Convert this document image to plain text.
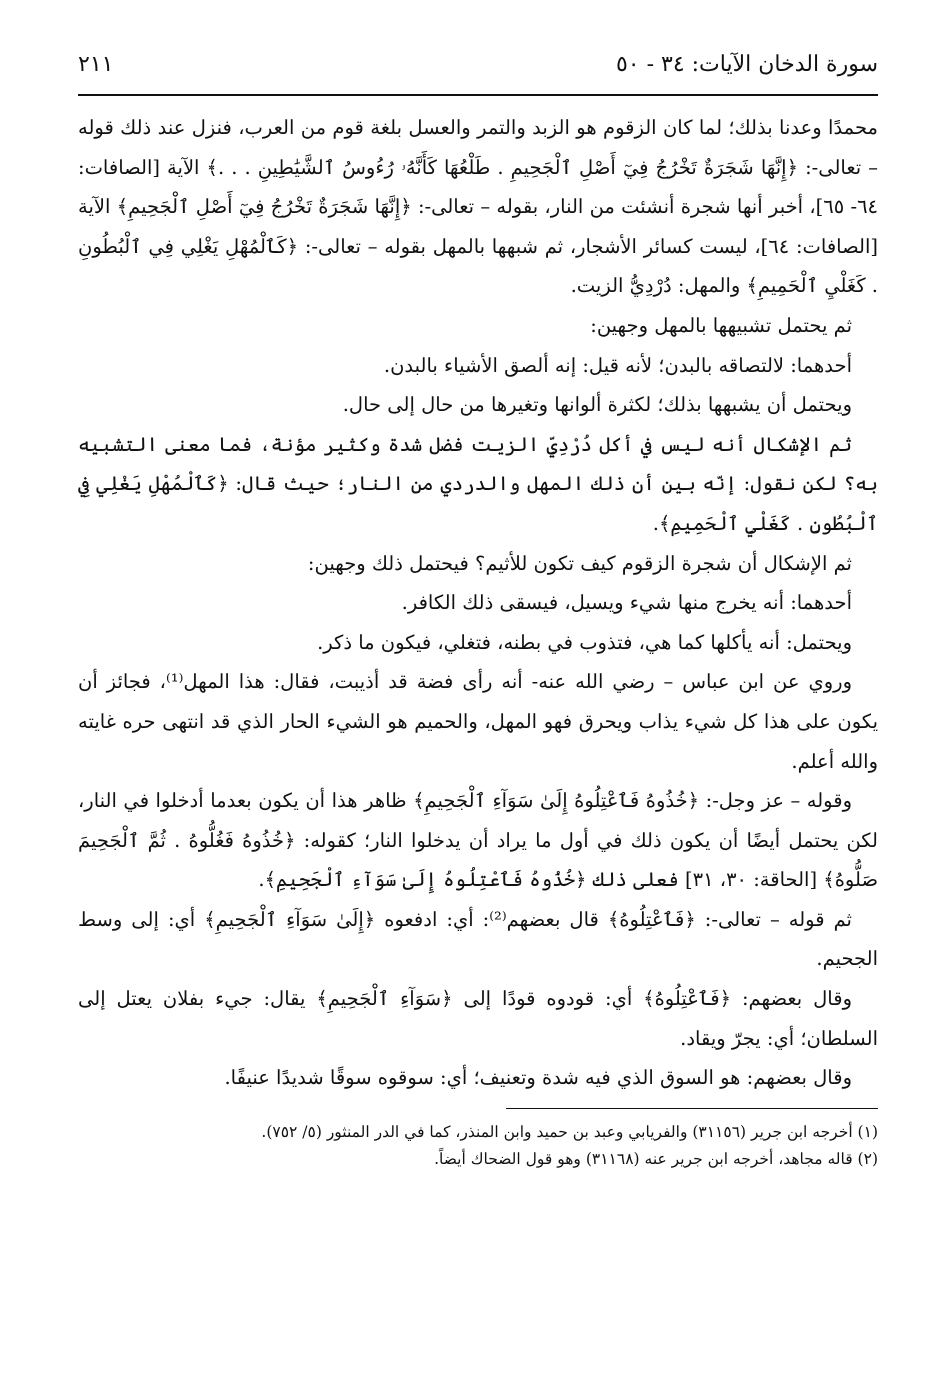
سورة الدخان الآيات: ٣٤ - ٥٠
٢١١

محمدًا وعدنا بذلك؛ لما كان الزقوم هو الزبد والتمر والعسل بلغة قوم من العرب، فنزل عند ذلك قوله – تعالى-: ﴿إِنَّهَا شَجَرَةٌ تَخْرُجُ فِيٓ أَصْلِ ٱلْجَحِيمِ . طَلْعُهَا كَأَنَّهُۥ رُءُوسُ ٱلشَّيَٰطِينِ . . .﴾ الآية [الصافات: ٦٤- ٦٥]، أخبر أنها شجرة أنشئت من النار، بقوله – تعالى-: ﴿إِنَّهَا شَجَرَةٌ تَخْرُجُ فِيٓ أَصْلِ ٱلْجَحِيمِ﴾ الآية [الصافات: ٦٤]، ليست كسائر الأشجار، ثم شبهها بالمهل بقوله – تعالى-: ﴿كَٱلْمُهْلِ يَغْلِي فِي ٱلْبُطُونِ . كَغَلْيِ ٱلْحَمِيمِ﴾ والمهل: دُرْدِيُّ الزيت.

ثم يحتمل تشبيهها بالمهل وجهين:

أحدهما: لالتصاقه بالبدن؛ لأنه قيل: إنه ألصق الأشياء بالبدن.

ويحتمل أن يشبهها بذلك؛ لكثرة ألوانها وتغيرها من حال إلى حال.

ثم الإشكال أنه ليس في أكل دُرْدِيِّ الزيت فضل شدة وكثير مؤنة، فما معنى التشبيه به؟ لكن نقول: إنّه بين أن ذلك المهل والدردي من النار؛ حيث قال: ﴿كَٱلْمُهْلِ يَغْلِي فِي ٱلْبُطُونِ . كَغَلْيِ ٱلْحَمِيمِ﴾.

ثم الإشكال أن شجرة الزقوم كيف تكون للأثيم؟ فيحتمل ذلك وجهين:

أحدهما: أنه يخرج منها شيء ويسيل، فيسقى ذلك الكافر.

ويحتمل: أنه يأكلها كما هي، فتذوب في بطنه، فتغلي، فيكون ما ذكر.

وروي عن ابن عباس – رضي الله عنه- أنه رأى فضة قد أذيبت، فقال: هذا المهل⁽¹⁾، فجائز أن يكون على هذا كل شيء يذاب ويحرق فهو المهل، والحميم هو الشيء الحار الذي قد انتهى حره غايته والله أعلم.

وقوله – عز وجل-: ﴿خُذُوهُ فَٱعْتِلُوهُ إِلَىٰ سَوَآءِ ٱلْجَحِيمِ﴾ ظاهر هذا أن يكون بعدما أدخلوا في النار، لكن يحتمل أيضًا أن يكون ذلك في أول ما يراد أن يدخلوا النار؛ كقوله: ﴿خُذُوهُ فَغُلُّوهُ . ثُمَّ ٱلْجَحِيمَ صَلُّوهُ﴾ [الحاقة: ٣٠، ٣١] فعلى ذلك ﴿خُذُوهُ فَٱعْتِلُوهُ إِلَىٰ سَوَآءِ ٱلْجَحِيمِ﴾.

ثم قوله – تعالى-: ﴿فَٱعْتِلُوهُ﴾ قال بعضهم⁽²⁾: أي: ادفعوه ﴿إِلَىٰ سَوَآءِ ٱلْجَحِيمِ﴾ أي: إلى وسط الجحيم.

وقال بعضهم: ﴿فَٱعْتِلُوهُ﴾ أي: قودوه قودًا إلى ﴿سَوَآءِ ٱلْجَحِيمِ﴾ يقال: جيء بفلان يعتل إلى السلطان؛ أي: يجرّ ويقاد.

وقال بعضهم: هو السوق الذي فيه شدة وتعنيف؛ أي: سوقوه سوقًا شديدًا عنيفًا.

(١) أخرجه ابن جرير (٣١١٥٦) والفريابي وعبد بن حميد وابن المنذر، كما في الدر المنثور (٥/ ٧٥٢).

(٢) قاله مجاهد، أخرجه ابن جرير عنه (٣١١٦٨) وهو قول الضحاك أيضاً.
